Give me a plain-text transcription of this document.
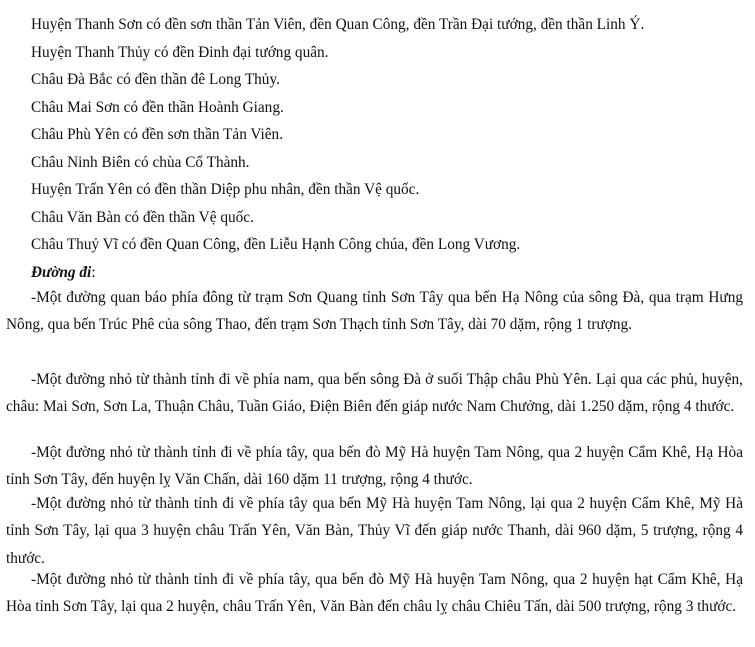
Huyện Thanh Sơn có đền sơn thần Tản Viên, đền Quan Công, đền Trần Đại tướng, đền thần Linh Ý.
Huyện Thanh Thủy có đền Đinh đại tướng quân.
Châu Đà Bắc có đền thần đê Long Thủy.
Châu Mai Sơn có đền thần Hoành Giang.
Châu Phù Yên có đền sơn thần Tản Viên.
Châu Ninh Biên có chùa Cổ Thành.
Huyện Trấn Yên có đền thần Diệp phu nhân, đền thần Vệ quốc.
Châu Văn Bàn có đền thần Vệ quốc.
Châu Thuỷ Vĩ có đền Quan Công, đền Liễu Hạnh Công chúa, đền Long Vương.
Đường đi:

-Một đường quan báo phía đông từ trạm Sơn Quang tỉnh Sơn Tây qua bến Hạ Nông của sông Đà, qua trạm Hưng Nông, qua bến Trúc Phê của sông Thao, đến trạm Sơn Thạch tỉnh Sơn Tây, dài 70 dặm, rộng 1 trượng.

-Một đường nhỏ từ thành tỉnh đi về phía nam, qua bến sông Đà ở suối Thập châu Phù Yên. Lại qua các phủ, huyện, châu: Mai Sơn, Sơn La, Thuận Châu, Tuần Giáo, Điện Biên đến giáp nước Nam Chưởng, dài 1.250 dặm, rộng 4 thước.

-Một đường nhỏ từ thành tỉnh đi về phía tây, qua bến đò Mỹ Hà huyện Tam Nông, qua 2 huyện Cẩm Khê, Hạ Hòa tỉnh Sơn Tây, đến huyện lỵ Văn Chấn, dài 160 dặm 11 trượng, rộng 4 thước.

-Một đường nhỏ từ thành tỉnh đi về phía tây qua bến Mỹ Hà huyện Tam Nông, lại qua 2 huyện Cẩm Khê, Mỹ Hà tỉnh Sơn Tây, lại qua 3 huyện châu Trấn Yên, Văn Bàn, Thủy Vĩ đến giáp nước Thanh, dài 960 dặm, 5 trượng, rộng 4 thước.

-Một đường nhỏ từ thành tỉnh đi về phía tây, qua bến đò Mỹ Hà huyện Tam Nông, qua 2 huyện hạt Cẩm Khê, Hạ Hòa tỉnh Sơn Tây, lại qua 2 huyện, châu Trấn Yên, Văn Bàn đến châu lỵ châu Chiêu Tấn, dài 500 trượng, rộng 3 thước.
